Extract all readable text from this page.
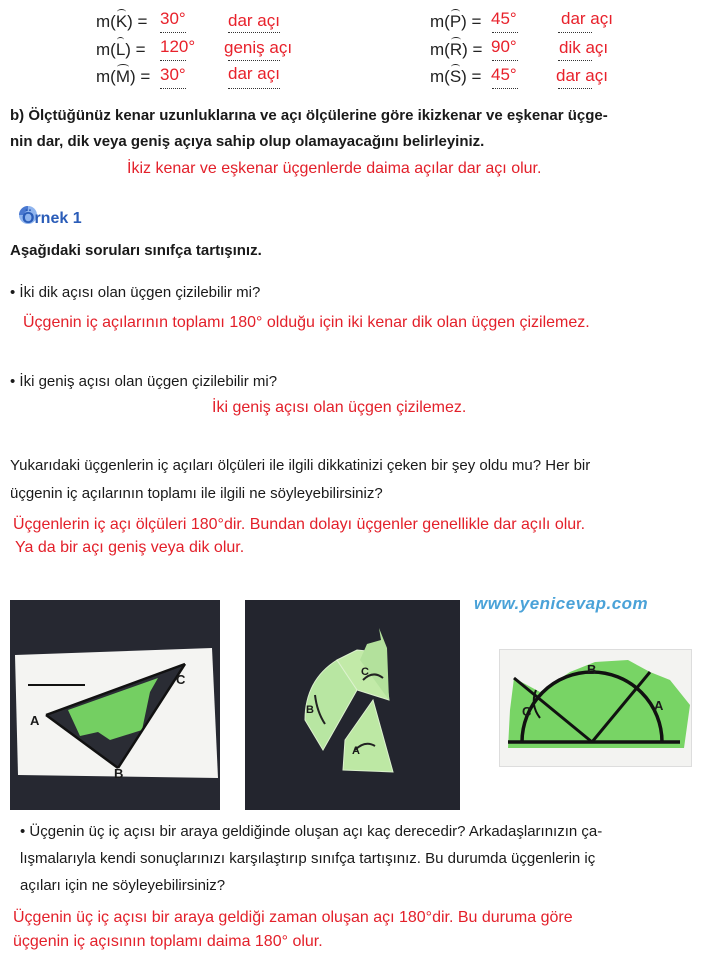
m(K) =
m(L) =
m(M) =
30°
120°
30°
dar açı
geniş açı
dar açı
m(P) =
m(R) =
m(S) =
45°
90°
45°
dar açı
dik açı
dar açı
b) Ölçtüğünüz kenar uzunluklarına ve açı ölçülerine göre ikizkenar ve eşkenar üçge-
nin dar, dik veya geniş açıya sahip olup olamayacağını belirleyiniz.
İkiz kenar ve eşkenar üçgenlerde daima açılar dar açı olur.
Örnek 1
Aşağıdaki soruları sınıfça tartışınız.
• İki dik açısı olan üçgen çizilebilir mi?
Üçgenin iç açılarının toplamı 180° olduğu için iki kenar dik olan üçgen çizilemez.
• İki geniş açısı olan üçgen çizilebilir mi?
İki geniş açısı olan üçgen çizilemez.
Yukarıdaki üçgenlerin iç açıları ölçüleri ile ilgili dikkatinizi çeken bir şey oldu mu? Her bir
üçgenin iç açılarının toplamı ile ilgili ne söyleyebilirsiniz?
Üçgenlerin iç açı ölçüleri 180°dir. Bundan dolayı üçgenler genellikle dar açılı olur.
Ya da bir açı geniş veya dik olur.
www.yenicevap.com
A
B
C
B
C
A
C
B
A
• Üçgenin üç iç açısı bir araya geldiğinde oluşan açı kaç derecedir? Arkadaşlarınızın ça-
lışmalarıyla kendi sonuçlarınızı karşılaştırıp sınıfça tartışınız. Bu durumda üçgenlerin iç
açıları için ne söyleyebilirsiniz?
Üçgenin üç iç açısı bir araya geldiği zaman oluşan açı 180°dir. Bu duruma göre
üçgenin iç açısının toplamı daima 180° olur.
